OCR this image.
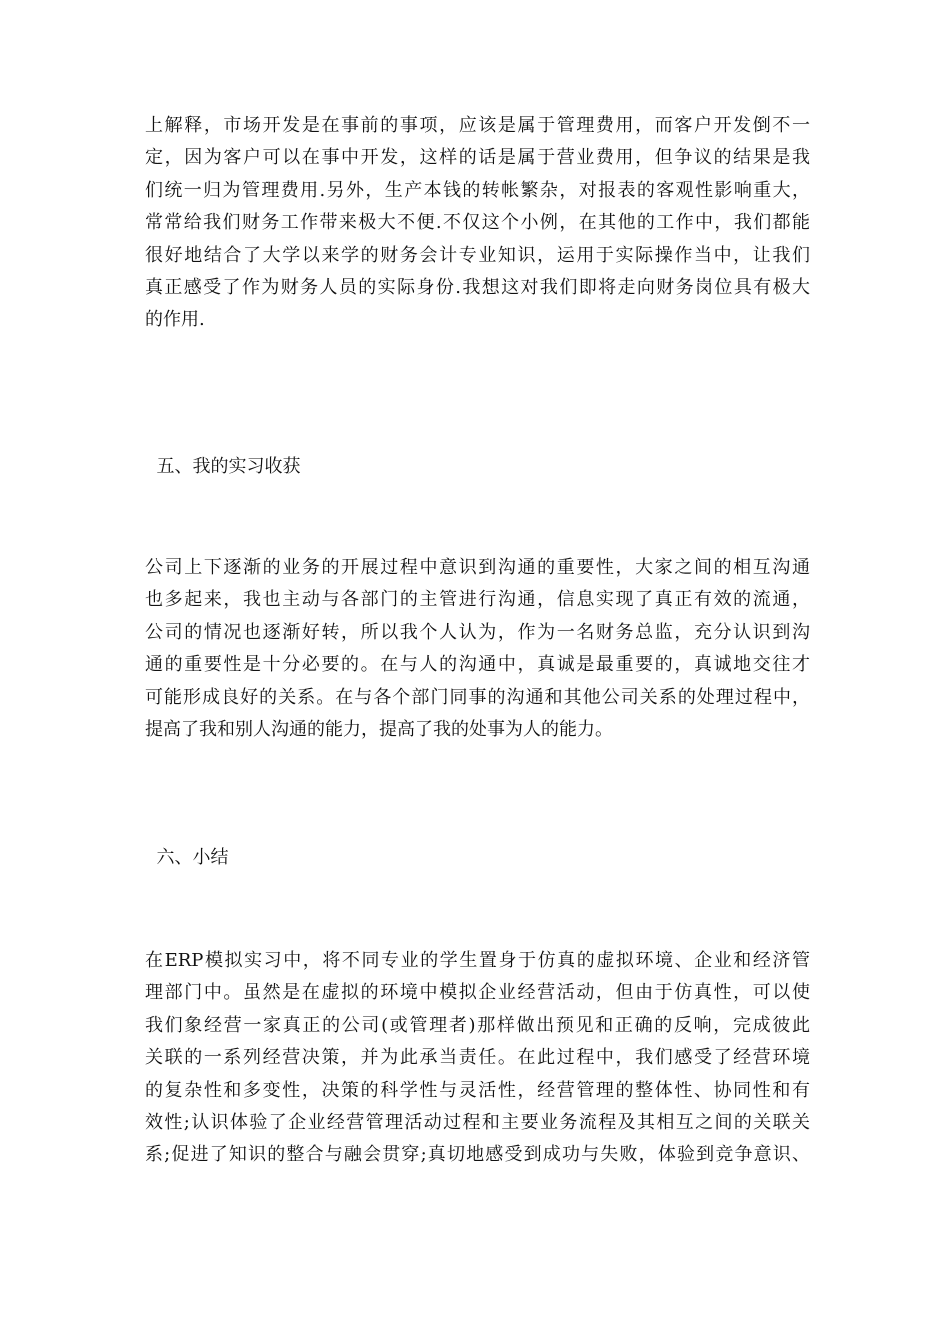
上解释，市场开发是在事前的事项，应该是属于管理费用，而客户开发倒不一
定，因为客户可以在事中开发，这样的话是属于营业费用，但争议的结果是我
们统一归为管理费用.另外，生产本钱的转帐繁杂，对报表的客观性影响重大，
常常给我们财务工作带来极大不便.不仅这个小例，在其他的工作中，我们都能
很好地结合了大学以来学的财务会计专业知识，运用于实际操作当中，让我们
真正感受了作为财务人员的实际身份.我想这对我们即将走向财务岗位具有极大
的作用.
五、我的实习收获
公司上下逐渐的业务的开展过程中意识到沟通的重要性，大家之间的相互沟通
也多起来，我也主动与各部门的主管进行沟通，信息实现了真正有效的流通，
公司的情况也逐渐好转，所以我个人认为，作为一名财务总监，充分认识到沟
通的重要性是十分必要的。在与人的沟通中，真诚是最重要的，真诚地交往才
可能形成良好的关系。在与各个部门同事的沟通和其他公司关系的处理过程中，
提高了我和别人沟通的能力，提高了我的处事为人的能力。
六、小结
在ERP模拟实习中，将不同专业的学生置身于仿真的虚拟环境、企业和经济管
理部门中。虽然是在虚拟的环境中模拟企业经营活动，但由于仿真性，可以使
我们象经营一家真正的公司(或管理者)那样做出预见和正确的反响，完成彼此
关联的一系列经营决策，并为此承当责任。在此过程中，我们感受了经营环境
的复杂性和多变性，决策的科学性与灵活性，经营管理的整体性、协同性和有
效性;认识体验了企业经营管理活动过程和主要业务流程及其相互之间的关联关
系;促进了知识的整合与融会贯穿;真切地感受到成功与失败，体验到竞争意识、
